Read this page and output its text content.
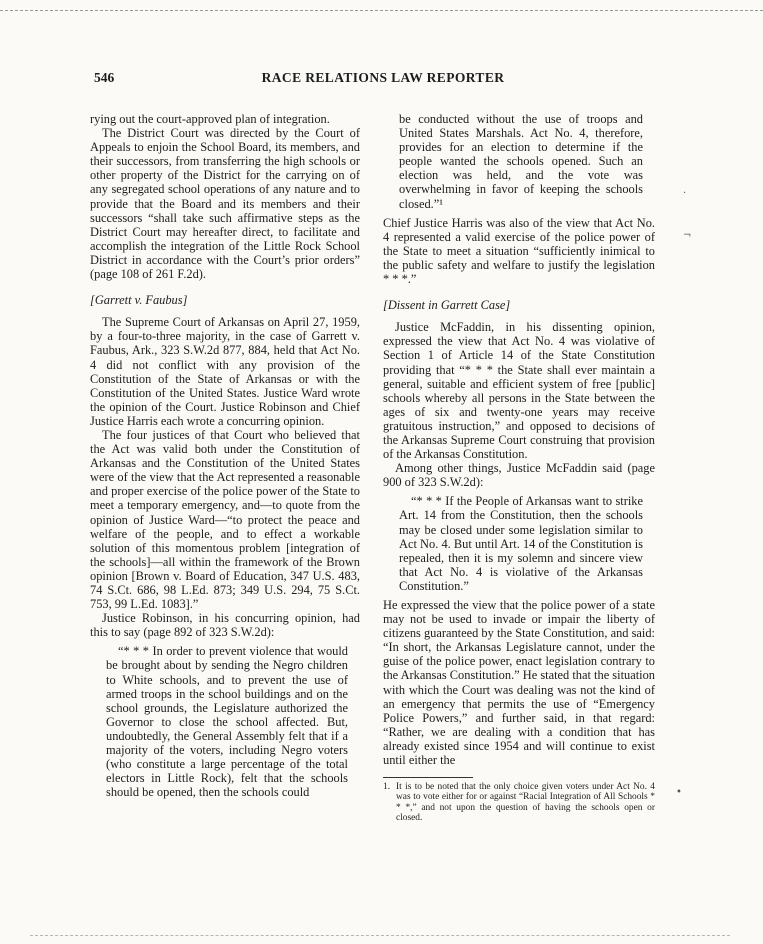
546	RACE RELATIONS LAW REPORTER

rying out the court-approved plan of integration.

The District Court was directed by the Court of Appeals to enjoin the School Board, its members, and their successors, from transferring the high schools or other property of the District for the carrying on of any segregated school operations of any nature and to provide that the Board and its members and their successors “shall take such affirmative steps as the District Court may hereafter direct, to facilitate and accomplish the integration of the Little Rock School District in accordance with the Court’s prior orders” (page 108 of 261 F.2d).

[Garrett v. Faubus]

The Supreme Court of Arkansas on April 27, 1959, by a four-to-three majority, in the case of Garrett v. Faubus, Ark., 323 S.W.2d 877, 884, held that Act No. 4 did not conflict with any provision of the Constitution of the State of Arkansas or with the Constitution of the United States. Justice Ward wrote the opinion of the Court. Justice Robinson and Chief Justice Harris each wrote a concurring opinion.

The four justices of that Court who believed that the Act was valid both under the Constitution of Arkansas and the Constitution of the United States were of the view that the Act represented a reasonable and proper exercise of the police power of the State to meet a temporary emergency, and—to quote from the opinion of Justice Ward—“to protect the peace and welfare of the people, and to effect a workable solution of this momentous problem [integration of the schools]—all within the framework of the Brown opinion [Brown v. Board of Education, 347 U.S. 483, 74 S.Ct. 686, 98 L.Ed. 873; 349 U.S. 294, 75 S.Ct. 753, 99 L.Ed. 1083].”

Justice Robinson, in his concurring opinion, had this to say (page 892 of 323 S.W.2d):

“* * * In order to prevent violence that would be brought about by sending the Negro children to White schools, and to prevent the use of armed troops in the school buildings and on the school grounds, the Legislature authorized the Governor to close the school affected. But, undoubtedly, the General Assembly felt that if a majority of the voters, including Negro voters (who constitute a large percentage of the total electors in Little Rock), felt that the schools should be opened, then the schools could

be conducted without the use of troops and United States Marshals. Act No. 4, therefore, provides for an election to determine if the people wanted the schools opened. Such an election was held, and the vote was overwhelming in favor of keeping the schools closed.”¹

Chief Justice Harris was also of the view that Act No. 4 represented a valid exercise of the police power of the State to meet a situation “sufficiently inimical to the public safety and welfare to justify the legislation * * *.”

[Dissent in Garrett Case]

Justice McFaddin, in his dissenting opinion, expressed the view that Act No. 4 was violative of Section 1 of Article 14 of the State Constitution providing that “* * * the State shall ever maintain a general, suitable and efficient system of free [public] schools whereby all persons in the State between the ages of six and twenty-one years may receive gratuitous instruction,” and opposed to decisions of the Arkansas Supreme Court construing that provision of the Arkansas Constitution.

Among other things, Justice McFaddin said (page 900 of 323 S.W.2d):

“* * * If the People of Arkansas want to strike Art. 14 from the Constitution, then the schools may be closed under some legislation similar to Act No. 4. But until Art. 14 of the Constitution is repealed, then it is my solemn and sincere view that Act No. 4 is violative of the Arkansas Constitution.”

He expressed the view that the police power of a state may not be used to invade or impair the liberty of citizens guaranteed by the State Constitution, and said: “In short, the Arkansas Legislature cannot, under the guise of the police power, enact legislation contrary to the Arkansas Constitution.” He stated that the situation with which the Court was dealing was not the kind of an emergency that permits the use of “Emergency Police Powers,” and further said, in that regard: “Rather, we are dealing with a condition that has already existed since 1954 and will continue to exist until either the

1. It is to be noted that the only choice given voters under Act No. 4 was to vote either for or against “Racial Integration of All Schools * * *,” and not upon the question of having the schools open or closed.
·
¬
•
